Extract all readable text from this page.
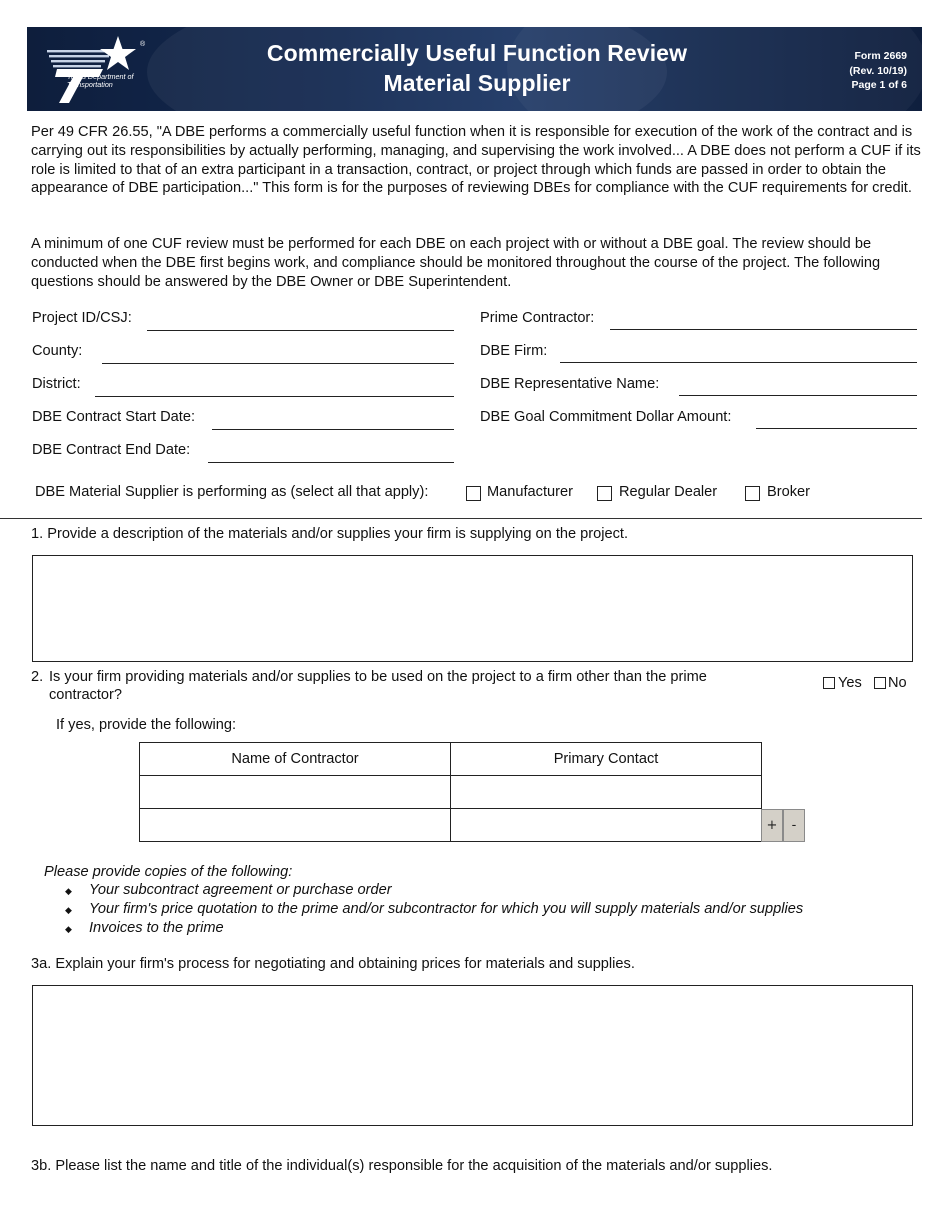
®
Texas Department of Transportation
Commercially Useful Function Review
Material Supplier
Form 2669
(Rev. 10/19)
Page 1 of 6
Per 49 CFR 26.55, "A DBE performs a commercially useful function when it is responsible for execution of the work of the contract and is carrying out its responsibilities by actually performing, managing, and supervising the work involved... A DBE does not perform a CUF if its role is limited to that of an extra participant in a transaction, contract, or project through which funds are passed in order to obtain the appearance of DBE participation..." This form is for the purposes of reviewing DBEs for compliance with the CUF requirements for credit.
A minimum of one CUF review must be performed for each DBE on each project with or without a DBE goal. The review should be conducted when the DBE first begins work, and compliance should be monitored throughout the course of the project. The following questions should be answered by the DBE Owner or DBE Superintendent.
Project ID/CSJ:
County:
District:
DBE Contract Start Date:
DBE Contract End Date:
Prime Contractor:
DBE Firm:
DBE Representative Name:
DBE Goal Commitment Dollar Amount:
DBE Material Supplier is performing as (select all that apply):	Manufacturer	Regular Dealer	Broker
1. Provide a description of the materials and/or supplies your firm is supplying on the project.
2. Is your firm providing materials and/or supplies to be used on the project to a firm other than the prime
contractor?
Yes No
If yes, provide the following:
Name of Contractor	Primary Contact

+	-
Please provide copies of the following:
◆ Your subcontract agreement or purchase order
◆ Your firm's price quotation to the prime and/or subcontractor for which you will supply materials and/or supplies
◆ Invoices to the prime
3a. Explain your firm's process for negotiating and obtaining prices for materials and supplies.
3b. Please list the name and title of the individual(s) responsible for the acquisition of the materials and/or supplies.
